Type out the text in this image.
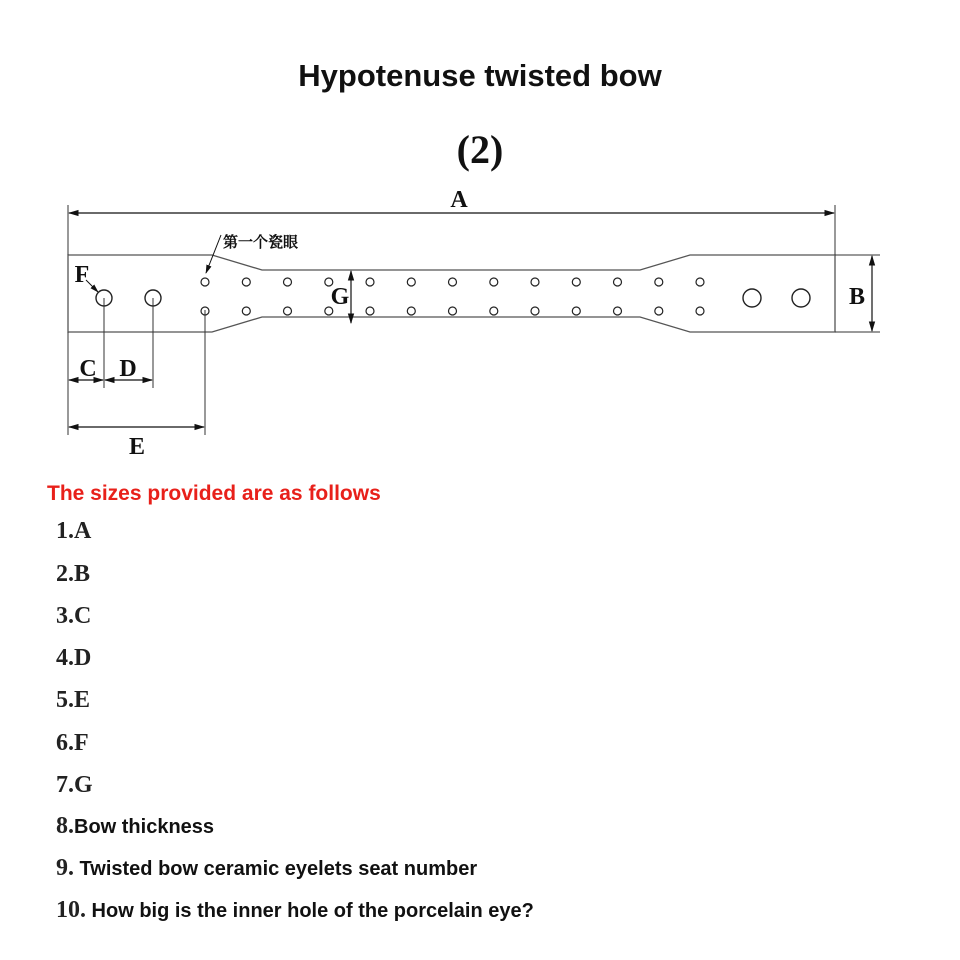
Hypotenuse twisted bow
(2)
A
B
G
F
第一个瓷眼
C D
E
The sizes provided are as follows
1.A
2.B
3.C
4.D
5.E
6.F
7.G
8.Bow thickness
9. Twisted bow ceramic eyelets seat number
10. How big is the inner hole of the porcelain eye?
